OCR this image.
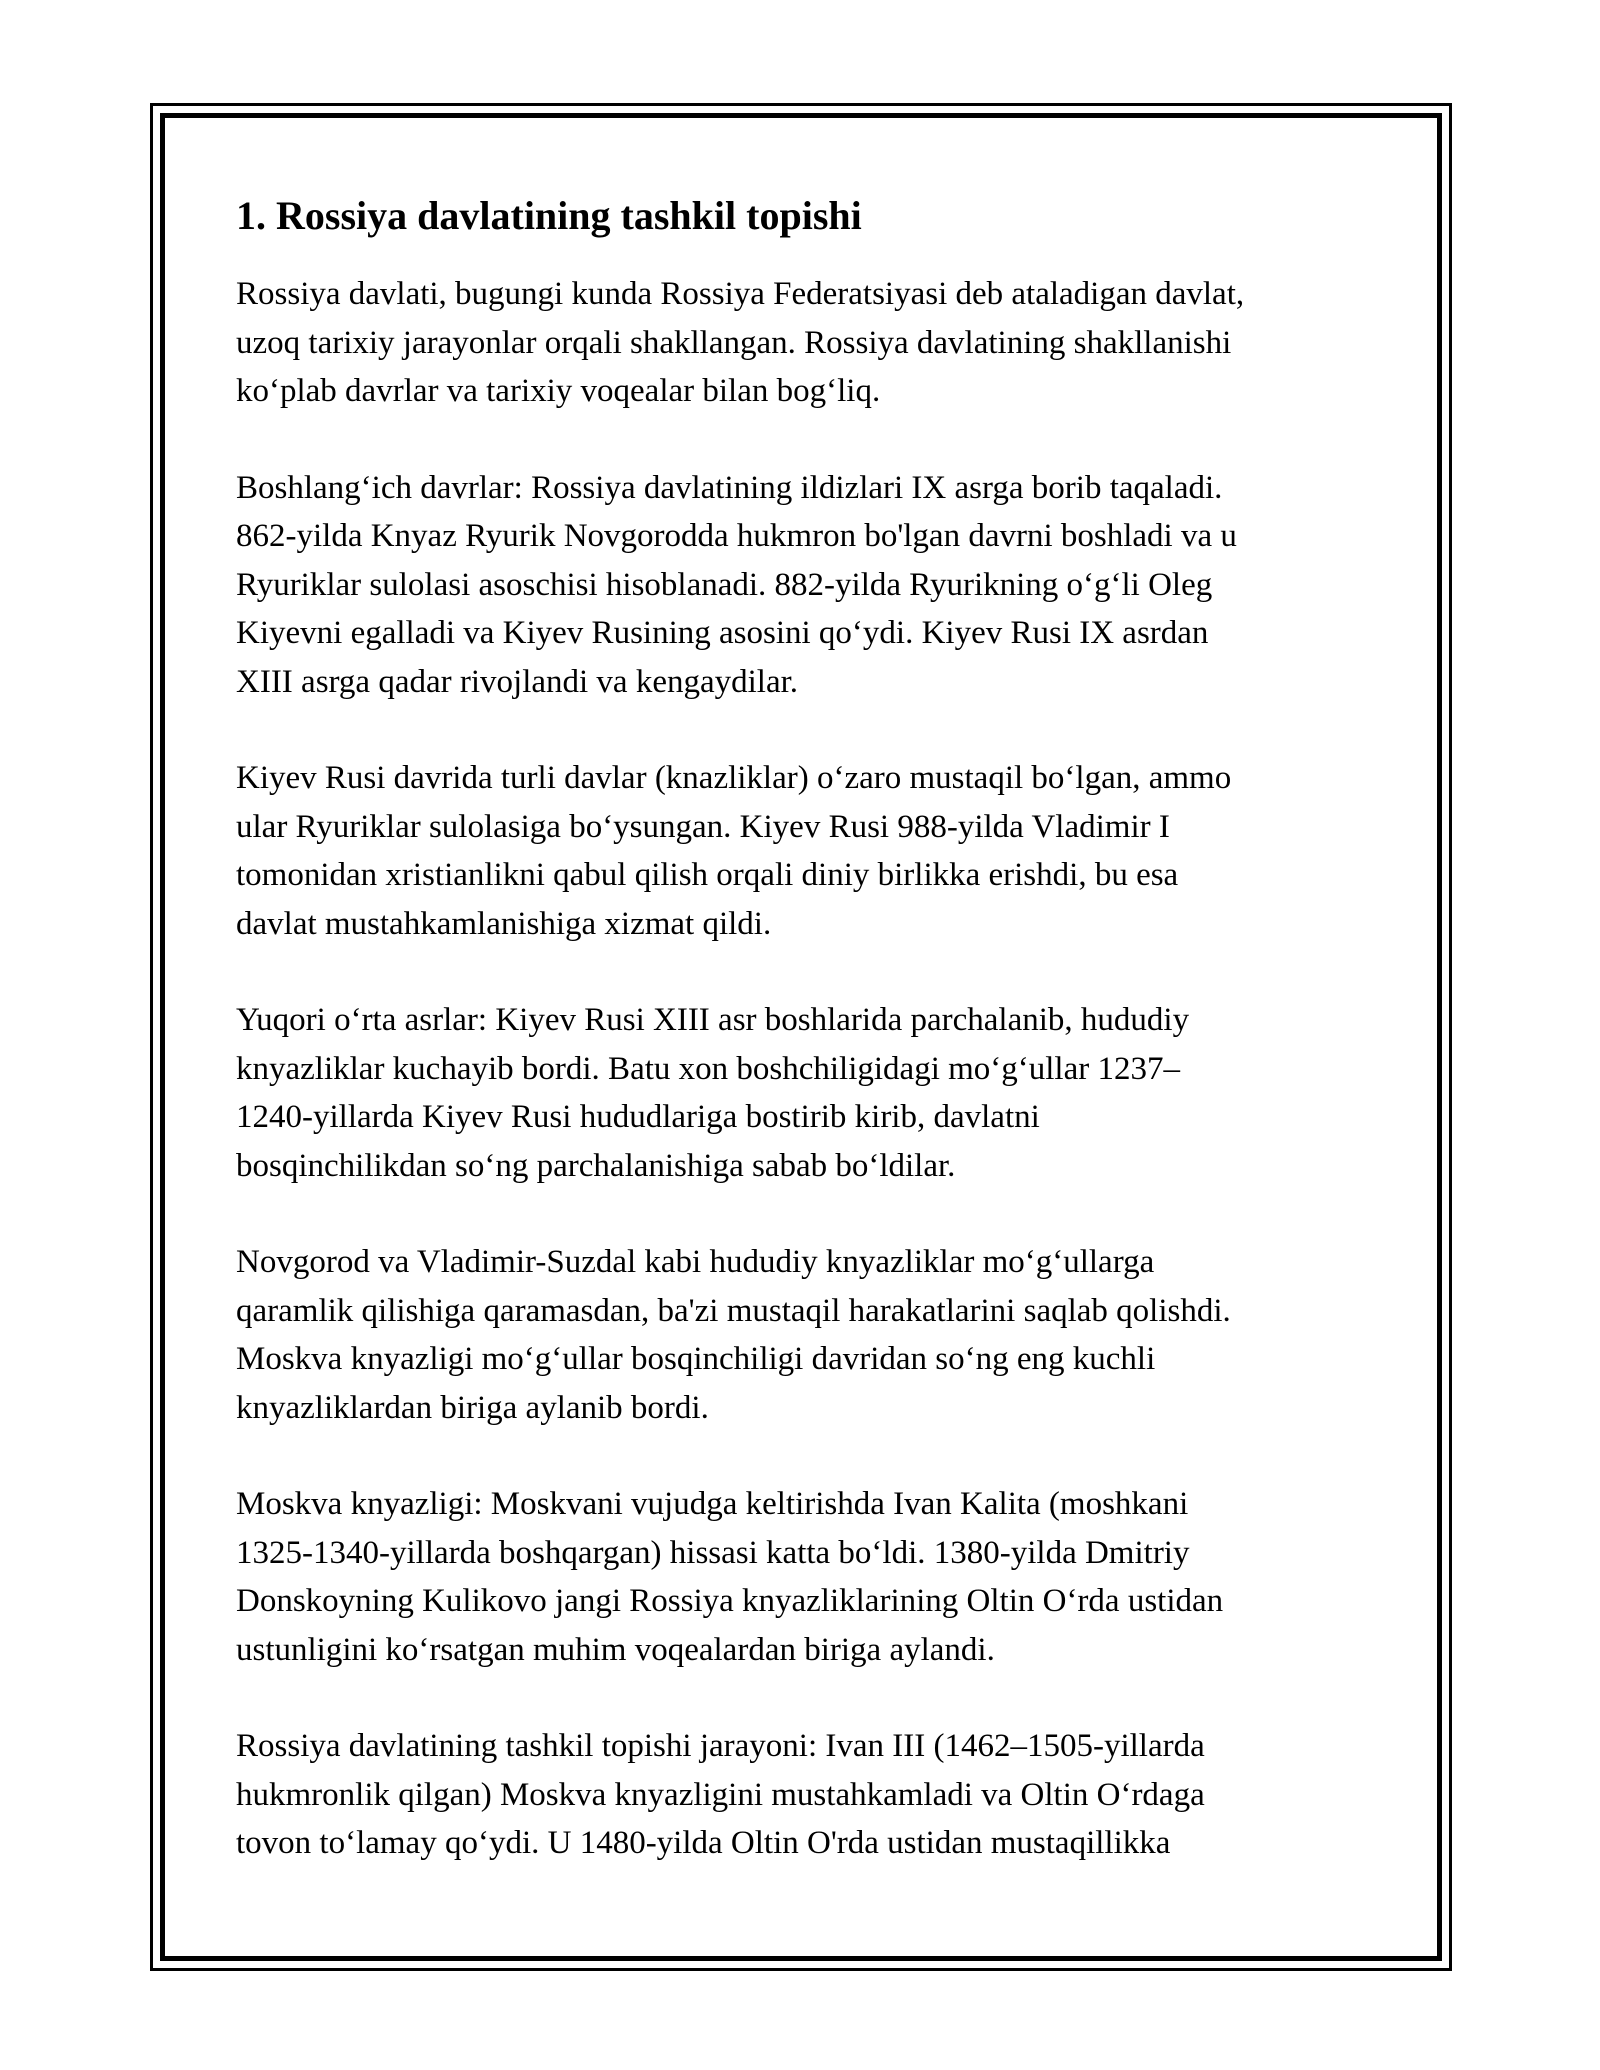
1. Rossiya davlatining tashkil topishi

Rossiya davlati, bugungi kunda Rossiya Federatsiyasi deb ataladigan davlat,
uzoq tarixiy jarayonlar orqali shakllangan. Rossiya davlatining shakllanishi
ko‘plab davrlar va tarixiy voqealar bilan bog‘liq.

Boshlang‘ich davrlar: Rossiya davlatining ildizlari IX asrga borib taqaladi.
862-yilda Knyaz Ryurik Novgorodda hukmron bo'lgan davrni boshladi va u
Ryuriklar sulolasi asoschisi hisoblanadi. 882-yilda Ryurikning o‘g‘li Oleg
Kiyevni egalladi va Kiyev Rusining asosini qo‘ydi. Kiyev Rusi IX asrdan
XIII asrga qadar rivojlandi va kengaydilar.

Kiyev Rusi davrida turli davlar (knazliklar) o‘zaro mustaqil bo‘lgan, ammo
ular Ryuriklar sulolasiga bo‘ysungan. Kiyev Rusi 988-yilda Vladimir I
tomonidan xristianlikni qabul qilish orqali diniy birlikka erishdi, bu esa
davlat mustahkamlanishiga xizmat qildi.

Yuqori o‘rta asrlar: Kiyev Rusi XIII asr boshlarida parchalanib, hududiy
knyazliklar kuchayib bordi. Batu xon boshchiligidagi mo‘g‘ullar 1237–
1240-yillarda Kiyev Rusi hududlariga bostirib kirib, davlatni
bosqinchilikdan so‘ng parchalanishiga sabab bo‘ldilar.

Novgorod va Vladimir-Suzdal kabi hududiy knyazliklar mo‘g‘ullarga
qaramlik qilishiga qaramasdan, ba'zi mustaqil harakatlarini saqlab qolishdi.
Moskva knyazligi mo‘g‘ullar bosqinchiligi davridan so‘ng eng kuchli
knyazliklardan biriga aylanib bordi.

Moskva knyazligi: Moskvani vujudga keltirishda Ivan Kalita (moshkani
1325-1340-yillarda boshqargan) hissasi katta bo‘ldi. 1380-yilda Dmitriy
Donskoyning Kulikovo jangi Rossiya knyazliklarining Oltin O‘rda ustidan
ustunligini ko‘rsatgan muhim voqealardan biriga aylandi.

Rossiya davlatining tashkil topishi jarayoni: Ivan III (1462–1505-yillarda
hukmronlik qilgan) Moskva knyazligini mustahkamladi va Oltin O‘rdaga
tovon to‘lamay qo‘ydi. U 1480-yilda Oltin O'rda ustidan mustaqillikka
